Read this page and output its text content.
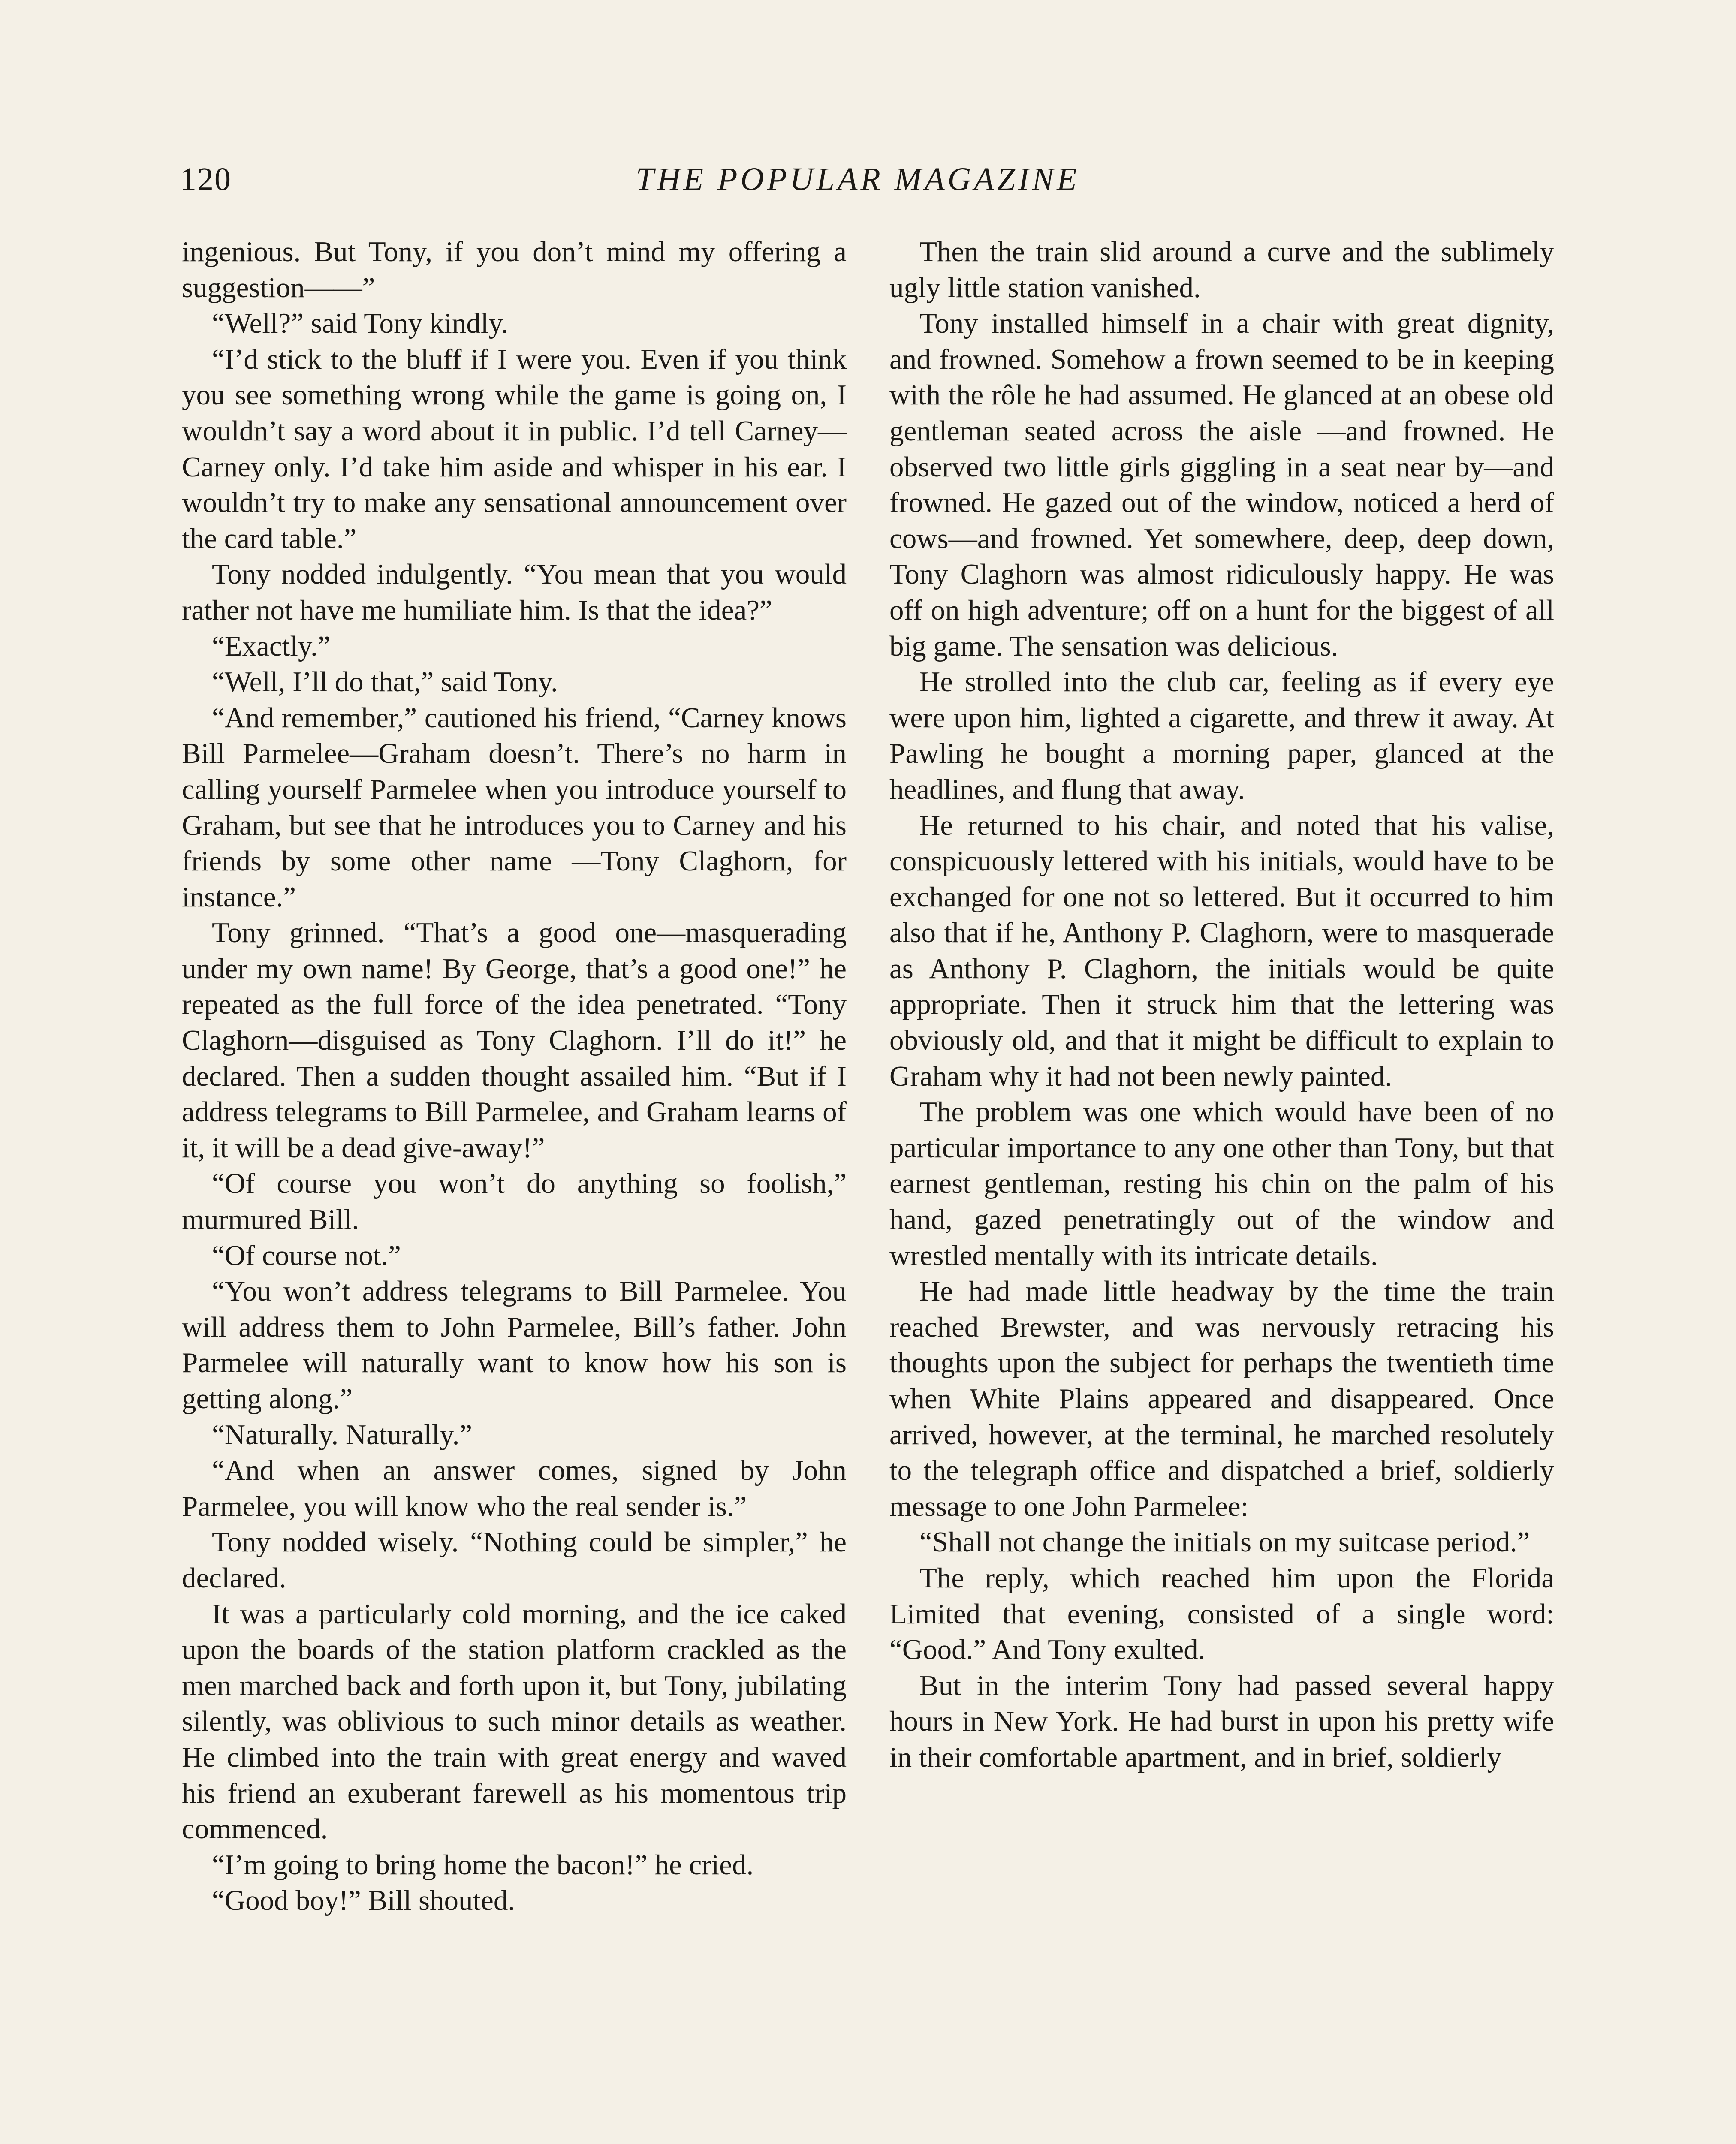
120	THE POPULAR MAGAZINE

ingenious. But Tony, if you don’t mind my offering a suggestion——”

“Well?” said Tony kindly.

“I’d stick to the bluff if I were you. Even if you think you see something wrong while the game is going on, I wouldn’t say a word about it in public. I’d tell Carney—Carney only. I’d take him aside and whisper in his ear. I wouldn’t try to make any sensational announcement over the card table.”

Tony nodded indulgently. “You mean that you would rather not have me humiliate him. Is that the idea?”

“Exactly.”

“Well, I’ll do that,” said Tony.

“And remember,” cautioned his friend, “Carney knows Bill Parmelee—Graham doesn’t. There’s no harm in calling yourself Parmelee when you introduce yourself to Graham, but see that he introduces you to Carney and his friends by some other name —Tony Claghorn, for instance.”

Tony grinned. “That’s a good one—masquerading under my own name! By George, that’s a good one!” he repeated as the full force of the idea penetrated. “Tony Claghorn—disguised as Tony Claghorn. I’ll do it!” he declared. Then a sudden thought assailed him. “But if I address telegrams to Bill Parmelee, and Graham learns of it, it will be a dead give-away!”

“Of course you won’t do anything so foolish,” murmured Bill.

“Of course not.”

“You won’t address telegrams to Bill Parmelee. You will address them to John Parmelee, Bill’s father. John Parmelee will naturally want to know how his son is getting along.”

“Naturally. Naturally.”

“And when an answer comes, signed by John Parmelee, you will know who the real sender is.”

Tony nodded wisely. “Nothing could be simpler,” he declared.

It was a particularly cold morning, and the ice caked upon the boards of the station platform crackled as the men marched back and forth upon it, but Tony, jubilating silently, was oblivious to such minor details as weather. He climbed into the train with great energy and waved his friend an exuberant farewell as his momentous trip commenced.

“I’m going to bring home the bacon!” he cried.

“Good boy!” Bill shouted.

Then the train slid around a curve and the sublimely ugly little station vanished.

Tony installed himself in a chair with great dignity, and frowned. Somehow a frown seemed to be in keeping with the rôle he had assumed. He glanced at an obese old gentleman seated across the aisle —and frowned. He observed two little girls giggling in a seat near by—and frowned. He gazed out of the window, noticed a herd of cows—and frowned. Yet somewhere, deep, deep down, Tony Claghorn was almost ridiculously happy. He was off on high adventure; off on a hunt for the biggest of all big game. The sensation was delicious.

He strolled into the club car, feeling as if every eye were upon him, lighted a cigarette, and threw it away. At Pawling he bought a morning paper, glanced at the headlines, and flung that away.

He returned to his chair, and noted that his valise, conspicuously lettered with his initials, would have to be exchanged for one not so lettered. But it occurred to him also that if he, Anthony P. Claghorn, were to masquerade as Anthony P. Claghorn, the initials would be quite appropriate. Then it struck him that the lettering was obviously old, and that it might be difficult to explain to Graham why it had not been newly painted.

The problem was one which would have been of no particular importance to any one other than Tony, but that earnest gentleman, resting his chin on the palm of his hand, gazed penetratingly out of the window and wrestled mentally with its intricate details.

He had made little headway by the time the train reached Brewster, and was nervously retracing his thoughts upon the subject for perhaps the twentieth time when White Plains appeared and disappeared. Once arrived, however, at the terminal, he marched resolutely to the telegraph office and dispatched a brief, soldierly message to one John Parmelee:

“Shall not change the initials on my suitcase period.”

The reply, which reached him upon the Florida Limited that evening, consisted of a single word: “Good.” And Tony exulted.

But in the interim Tony had passed several happy hours in New York. He had burst in upon his pretty wife in their comfortable apartment, and in brief, soldierly
